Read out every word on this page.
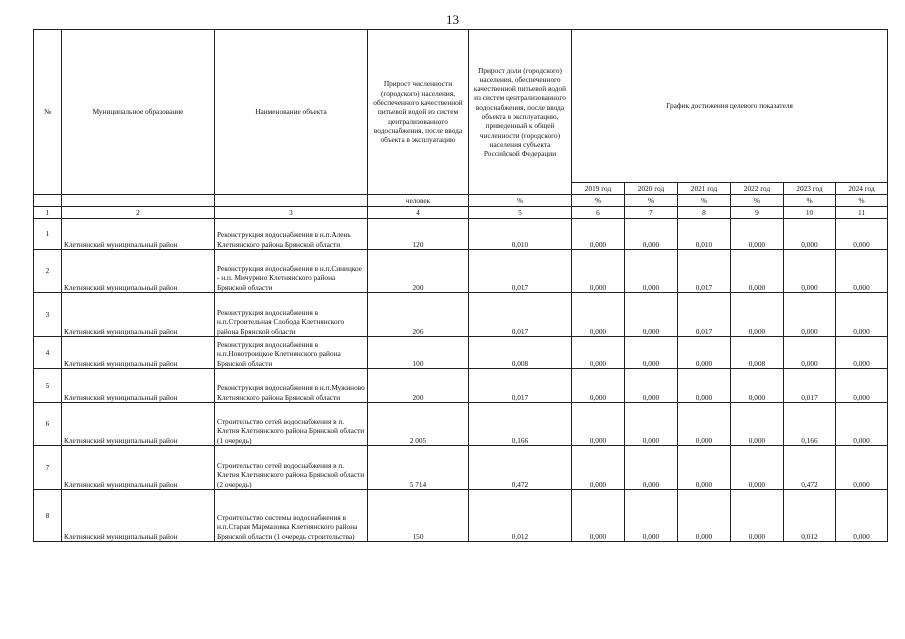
13
№	Муниципальное образование	Наименование объекта	Прирост численности (городского) населения, обеспеченного качественной питьевой водой из систем централизованного водоснабжения, после ввода объекта в эксплуатацию	Прирост доли (городского) населения, обеспеченного качественной питьевой водой из систем централизованного водоснабжения, после ввода объекта в эксплуатацию, приведенный к общей численности (городского) населения субъекта Российской Федерации	График достижения целевого показателя					
					2019 год	2020 год	2021 год	2022 год	2023 год	2024 год
			человек	%	%	%	%	%	%	%
1	2	3	4	5	6	7	8	9	10	11
1	Клетнянский муниципальный район	Реконструкция водоснабжения в н.п.Алень Клетнянского района Брянской области	120	0,010	0,000	0,000	0,010	0,000	0,000	0,000
2	Клетнянский муниципальный район	Реконструкция водоснабжения в н.п.Синицкое - н.п. Мичурино Клетнянского района Брянской области	200	0,017	0,000	0,000	0,017	0,000	0,000	0,000
3	Клетнянский муниципальный район	Реконструкция водоснабжения в н.п.Строительная Слобода Клетнянского района Брянской области	206	0,017	0,000	0,000	0,017	0,000	0,000	0,000
4	Клетнянский муниципальный район	Реконструкция водоснабжения в н.п.Новотроицкое Клетнянского района Брянской области	100	0,008	0,000	0,000	0,000	0,008	0,000	0,000
5	Клетнянский муниципальный район	Реконструкция водоснабжения в н.п.Мужиново Клетнянского района Брянской области	200	0,017	0,000	0,000	0,000	0,000	0,017	0,000
6	Клетнянский муниципальный район	Строительство сетей водоснабжения в п. Клетня Клетнянского района Брянской области (1 очередь)	2 005	0,166	0,000	0,000	0,000	0,000	0,166	0,000
7	Клетнянский муниципальный район	Строительство сетей водоснабжения в п. Клетня Клетнянского района Брянской области (2 очередь)	5 714	0,472	0,000	0,000	0,000	0,000	0,472	0,000
8	Клетнянский муниципальный район	Строительство системы водоснабжения в н.п.Старая Мармазовка Клетнянского района Брянской области (1 очередь строительства)	150	0,012	0,000	0,000	0,000	0,000	0,012	0,000
